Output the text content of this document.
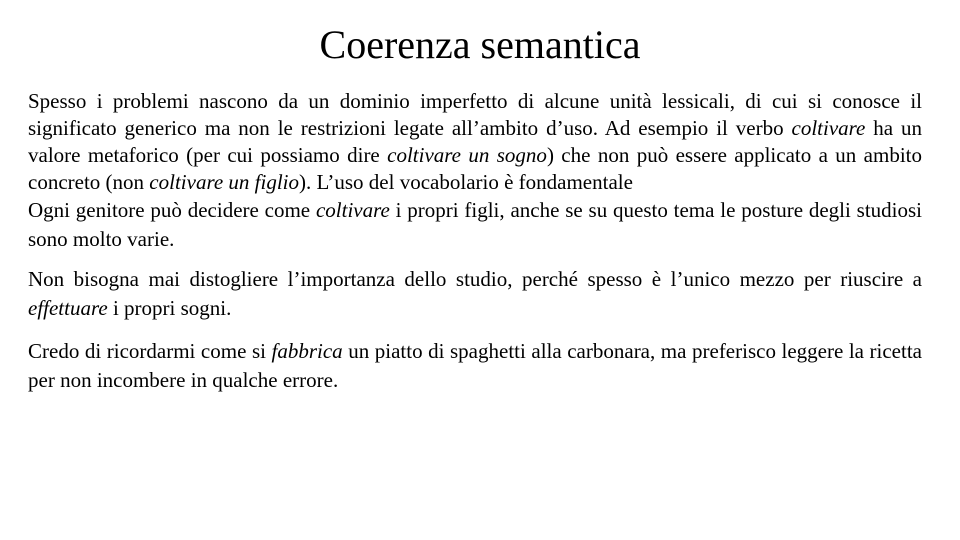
Coerenza semantica

Spesso i problemi nascono da un dominio imperfetto di alcune unità lessicali, di cui si conosce il significato generico ma non le restrizioni legate all’ambito d’uso. Ad esempio il verbo coltivare ha un valore metaforico (per cui possiamo dire coltivare un sogno) che non può essere applicato a un ambito concreto (non coltivare un figlio). L’uso del vocabolario è fondamentale

Ogni genitore può decidere come coltivare i propri figli, anche se su questo tema le posture degli studiosi sono molto varie.

Non bisogna mai distogliere l’importanza dello studio, perché spesso è l’unico mezzo per riuscire a effettuare i propri sogni.

Credo di ricordarmi come si fabbrica un piatto di spaghetti alla carbonara, ma preferisco leggere la ricetta per non incombere in qualche errore.
